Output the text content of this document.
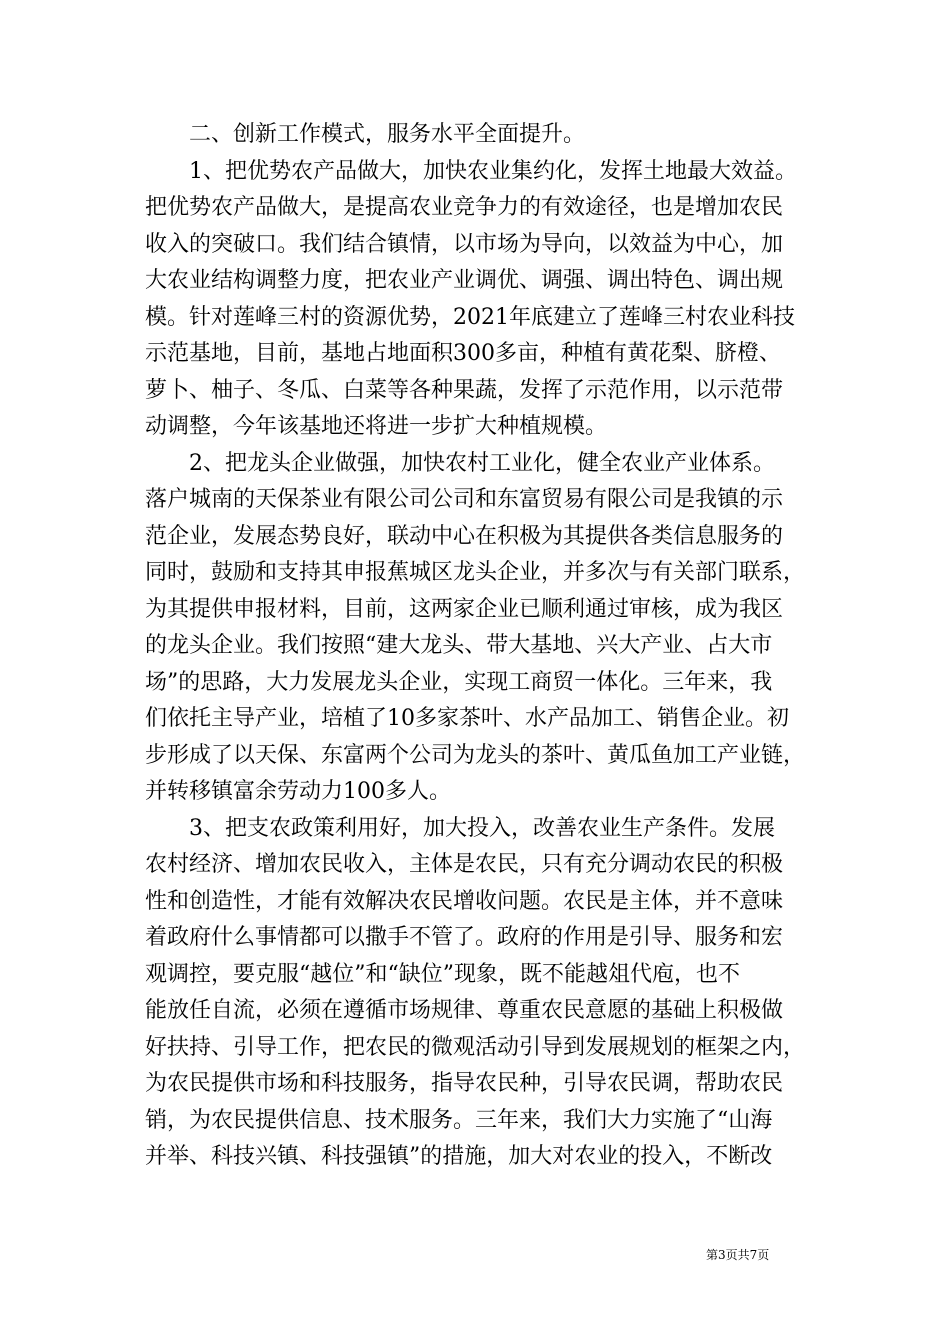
二、创新工作模式，服务水平全面提升。

1、把优势农产品做大，加快农业集约化，发挥土地最大效益。

把优势农产品做大，是提高农业竞争力的有效途径，也是增加农民

收入的突破口。我们结合镇情，以市场为导向，以效益为中心，加

大农业结构调整力度，把农业产业调优、调强、调出特色、调出规

模。针对莲峰三村的资源优势，2021年底建立了莲峰三村农业科技

示范基地，目前，基地占地面积300多亩，种植有黄花梨、脐橙、

萝卜、柚子、冬瓜、白菜等各种果蔬，发挥了示范作用，以示范带

动调整，今年该基地还将进一步扩大种植规模。

2、把龙头企业做强，加快农村工业化，健全农业产业体系。

落户城南的天保茶业有限公司公司和东富贸易有限公司是我镇的示

范企业，发展态势良好，联动中心在积极为其提供各类信息服务的

同时，鼓励和支持其申报蕉城区龙头企业，并多次与有关部门联系，

为其提供申报材料，目前，这两家企业已顺利通过审核，成为我区

的龙头企业。我们按照“建大龙头、带大基地、兴大产业、占大市

场”的思路，大力发展龙头企业，实现工商贸一体化。三年来，我

们依托主导产业，培植了10多家茶叶、水产品加工、销售企业。初

步形成了以天保、东富两个公司为龙头的茶叶、黄瓜鱼加工产业链，

并转移镇富余劳动力100多人。

3、把支农政策利用好，加大投入，改善农业生产条件。发展

农村经济、增加农民收入，主体是农民，只有充分调动农民的积极

性和创造性，才能有效解决农民增收问题。农民是主体，并不意味

着政府什么事情都可以撒手不管了。政府的作用是引导、服务和宏

观调控，要克服“越位”和“缺位”现象，既不能越俎代庖，也不

能放任自流，必须在遵循市场规律、尊重农民意愿的基础上积极做

好扶持、引导工作，把农民的微观活动引导到发展规划的框架之内，

为农民提供市场和科技服务，指导农民种，引导农民调，帮助农民

销，为农民提供信息、技术服务。三年来，我们大力实施了“山海

并举、科技兴镇、科技强镇”的措施，加大对农业的投入，不断改

第3页共7页
